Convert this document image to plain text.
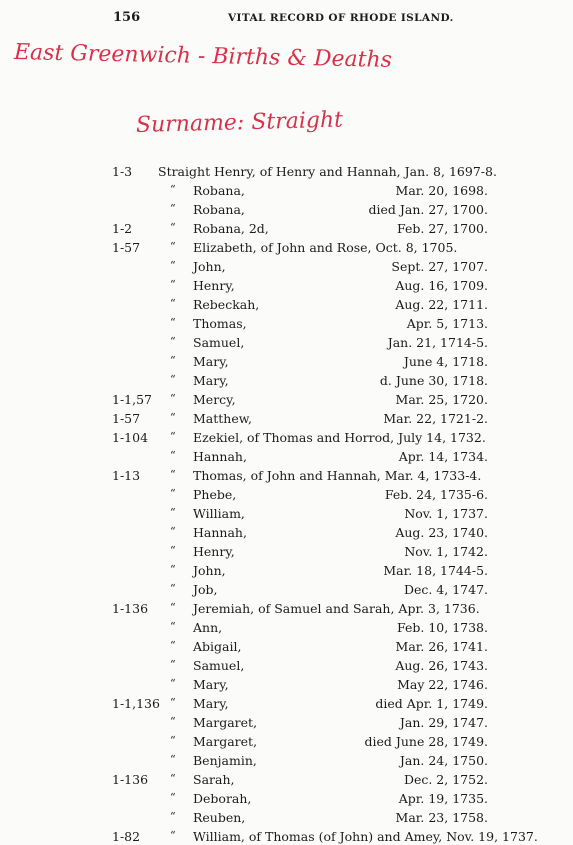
156	VITAL RECORD OF RHODE ISLAND.
East Greenwich - Births & Deaths
Surname: Straight
1-3 Straight Henry, of Henry and Hannah, Jan. 8, 1697-8.
“ Robana,	Mar. 20, 1698.
“ Robana,	died Jan. 27, 1700.
1-2	“ Robana, 2d,	Feb. 27, 1700.
1-57	“ Elizabeth, of John and Rose, Oct. 8, 1705.
“ John,	Sept. 27, 1707.
“ Henry,	Aug. 16, 1709.
“ Rebeckah,	Aug. 22, 1711.
“ Thomas,	Apr. 5, 1713.
“ Samuel,	Jan. 21, 1714-5.
“ Mary,	June 4, 1718.
“ Mary,	d. June 30, 1718.
1-1,57 “ Mercy,	Mar. 25, 1720.
1-57	“ Matthew,	Mar. 22, 1721-2.
1-104 “ Ezekiel, of Thomas and Horrod, July 14, 1732.
“ Hannah,	Apr. 14, 1734.
1-13	“ Thomas, of John and Hannah, Mar. 4, 1733-4.
“ Phebe,	Feb. 24, 1735-6.
“ William,	Nov. 1, 1737.
“ Hannah,	Aug. 23, 1740.
“ Henry,	Nov. 1, 1742.
“ John,	Mar. 18, 1744-5.
“ Job,	Dec. 4, 1747.
1-136 “ Jeremiah, of Samuel and Sarah, Apr. 3, 1736.
“ Ann,	Feb. 10, 1738.
“ Abigail,	Mar. 26, 1741.
“ Samuel,	Aug. 26, 1743.
“ Mary,	May 22, 1746.
1-1,136 “ Mary,	died Apr. 1, 1749.
“ Margaret,	Jan. 29, 1747.
“ Margaret,	died June 28, 1749.
“ Benjamin,	Jan. 24, 1750.
1-136 “ Sarah,	Dec. 2, 1752.
“ Deborah,	Apr. 19, 1735.
“ Reuben,	Mar. 23, 1758.
1-82	“ William, of Thomas (of John) and Amey, Nov. 19, 1737.
